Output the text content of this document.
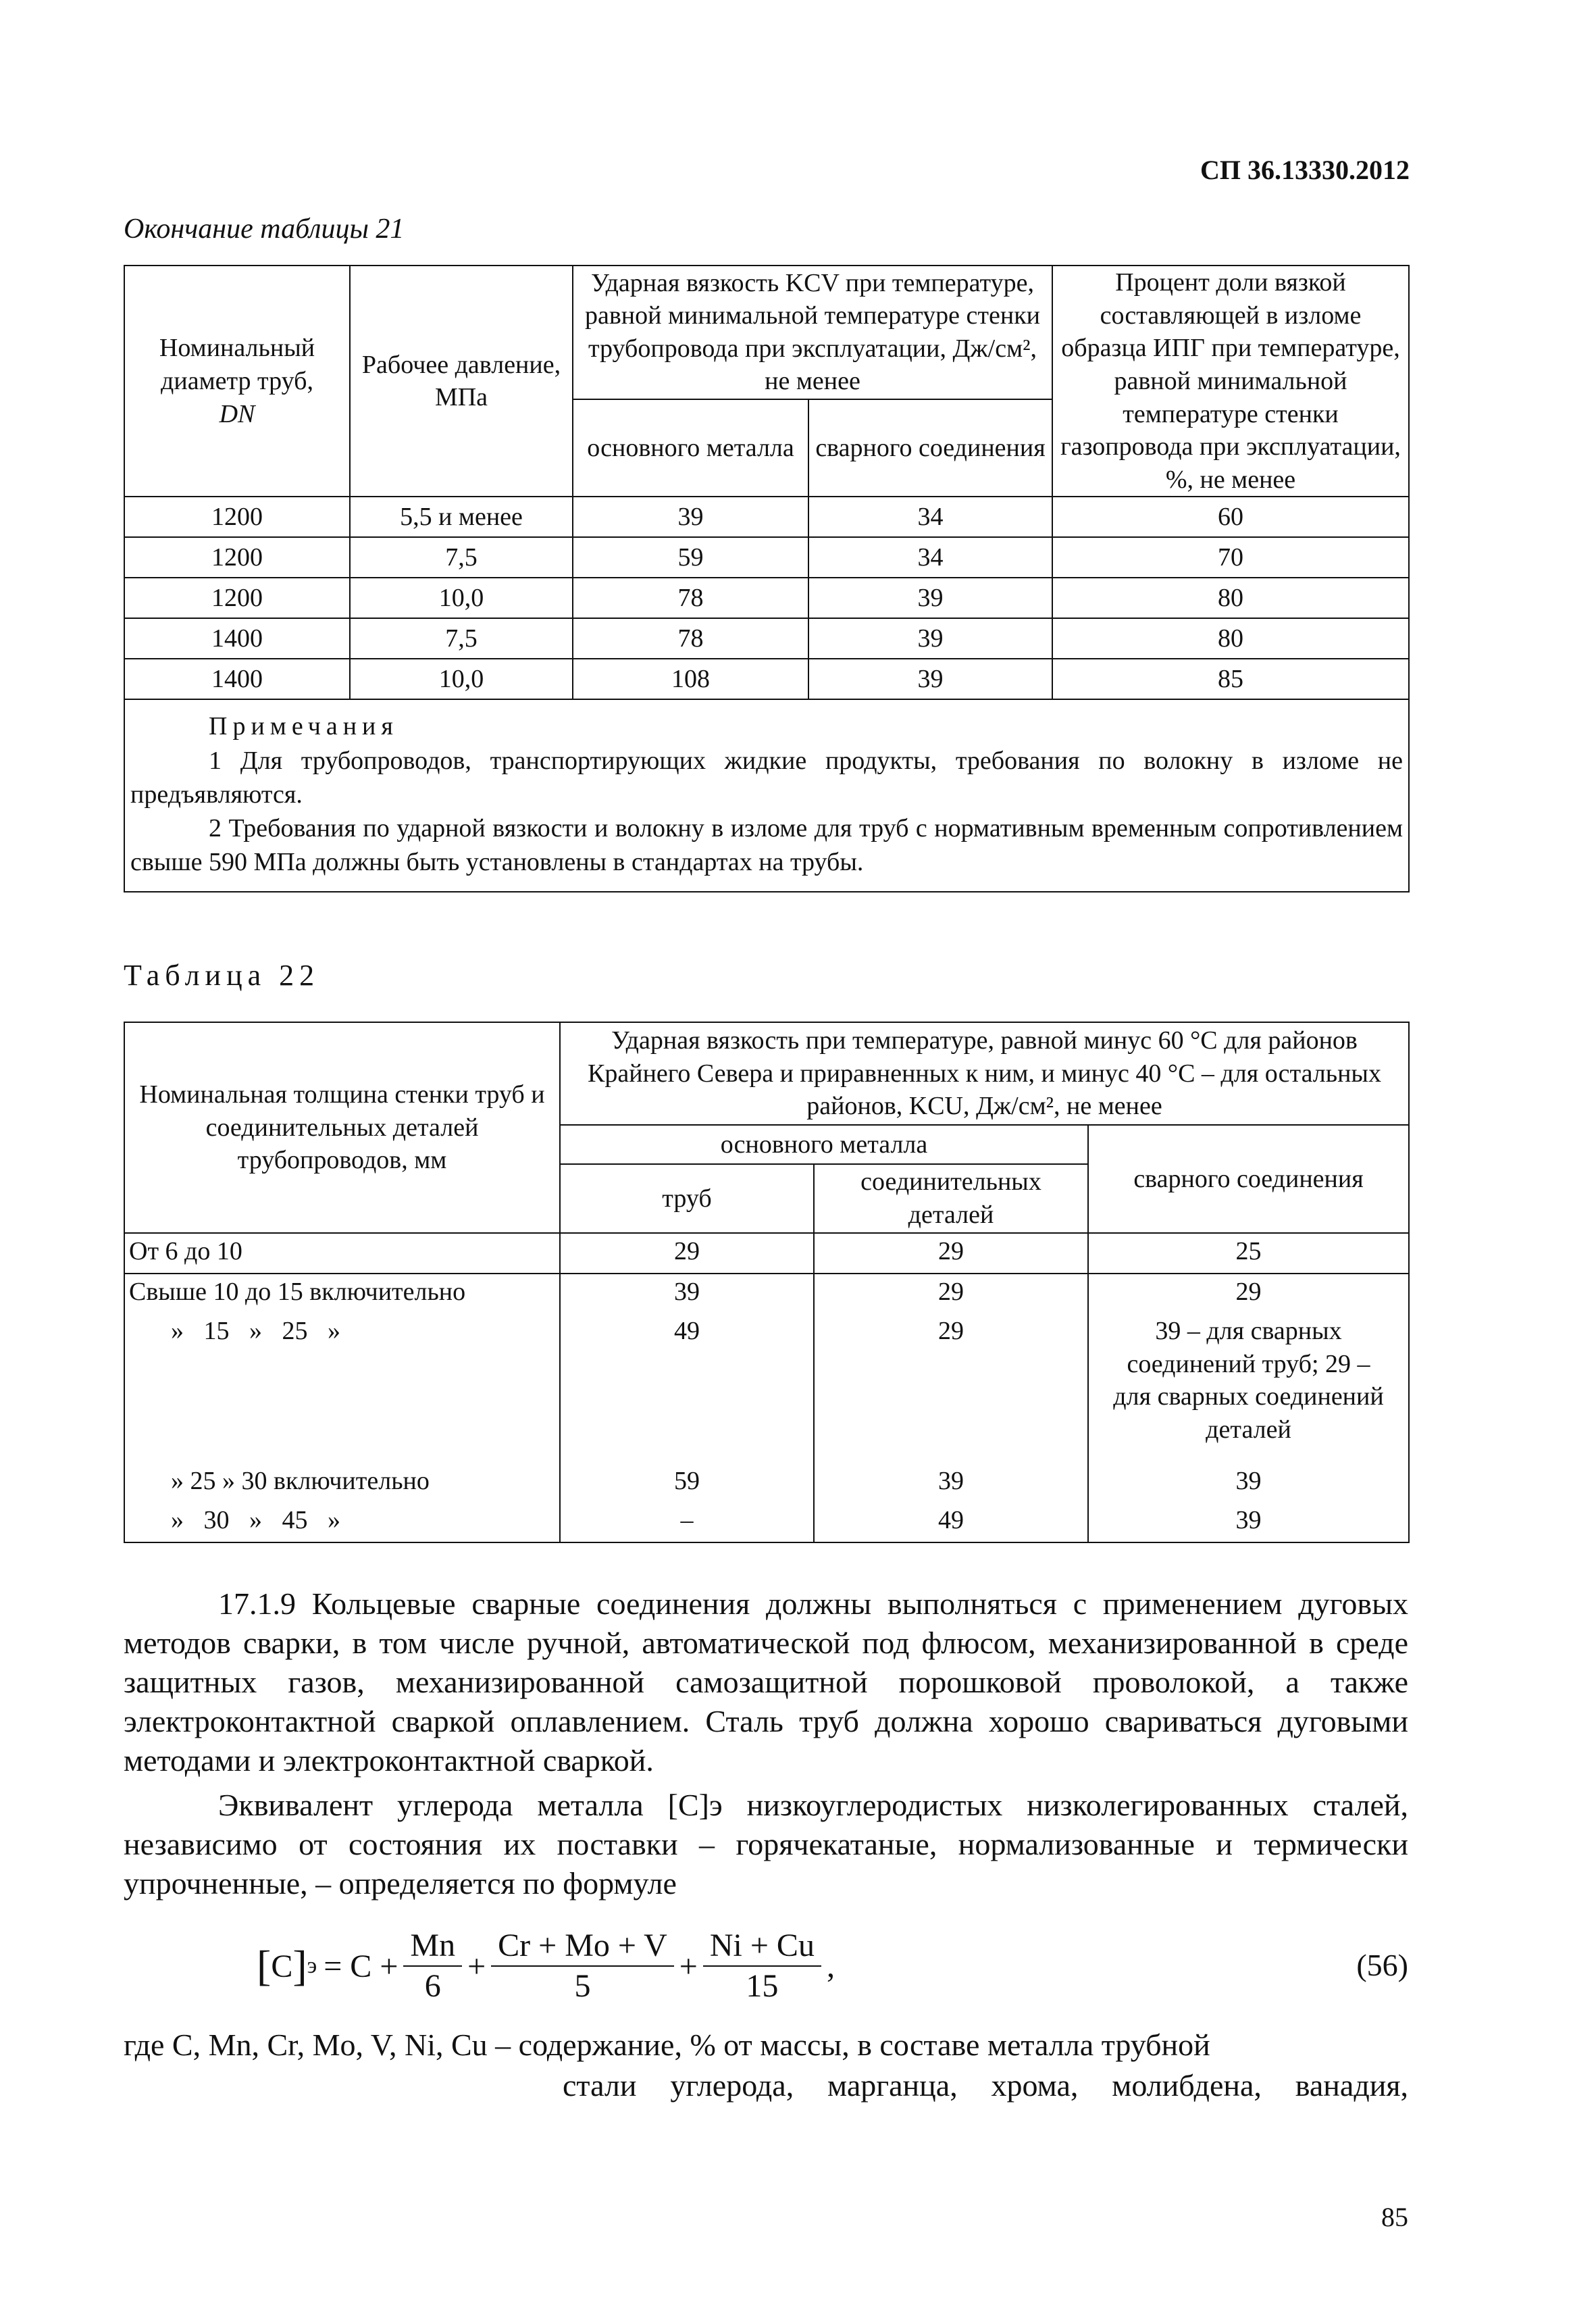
СП 36.13330.2012
Окончание таблицы 21
Номинальный диаметр труб,
DN	Рабочее давление, МПа	Ударная вязкость KCV при температуре, равной минимальной температуре стенки трубопровода при эксплуатации, Дж/см², не менее		Процент доли вязкой составляющей в изломе образца ИПГ при температуре, равной минимальной температуре стенки газопровода при эксплуатации, %, не менее
		основного металла	сварного соединения	
1200	5,5 и менее	39	34	60
1200	7,5	59	34	70
1200	10,0	78	39	80
1400	7,5	78	39	80
1400	10,0	108	39	85

Примечания
1 Для трубопроводов, транспортирующих жидкие продукты, требования по волокну в изломе не предъявляются.
2 Требования по ударной вязкости и волокну в изломе для труб с нормативным временным сопротивлением свыше 590 МПа должны быть установлены в стандартах на трубы.				
Таблица 22
Номинальная толщина стенки труб и соединительных деталей трубопроводов, мм	Ударная вязкость при температуре, равной минус 60 °С для районов Крайнего Севера и приравненных к ним, и минус 40 °С – для остальных районов, KCU, Дж/см², не менее		
	основного металла		сварного соединения
	труб	соединительных деталей	
От 6 до 10	29	29	25
Свыше 10 до 15 включительно	39	29	29
» 15 » 25 »	49	29	39 – для сварных соединений труб; 29 – для сварных соединений деталей
» 25 » 30 включительно	59	39	39
» 30 » 45 »	–	49	39
17.1.9 Кольцевые сварные соединения должны выполняться с применением дуговых методов сварки, в том числе ручной, автоматической под флюсом, механизированной в среде защитных газов, механизированной самозащитной порошковой проволокой, а также электроконтактной сваркой оплавлением. Сталь труб должна хорошо свариваться дуговыми методами и электроконтактной сваркой.
Эквивалент углерода металла [C]э низкоуглеродистых низколегированных сталей, независимо от состояния их поставки – горячекатаные, нормализованные и термически упрочненные, – определяется по формуле
[ C ] $э = C + \frac{Mn}{6} + \frac{Cr + Mo + V}{5} + \frac{Ni + Cu}{15}$ ,	(56)
где C, Mn, Cr, Mo, V, Ni, Cu – содержание, % от массы, в составе металла трубной
стали углерода, марганца, хрома, молибдена, ванадия,
85
